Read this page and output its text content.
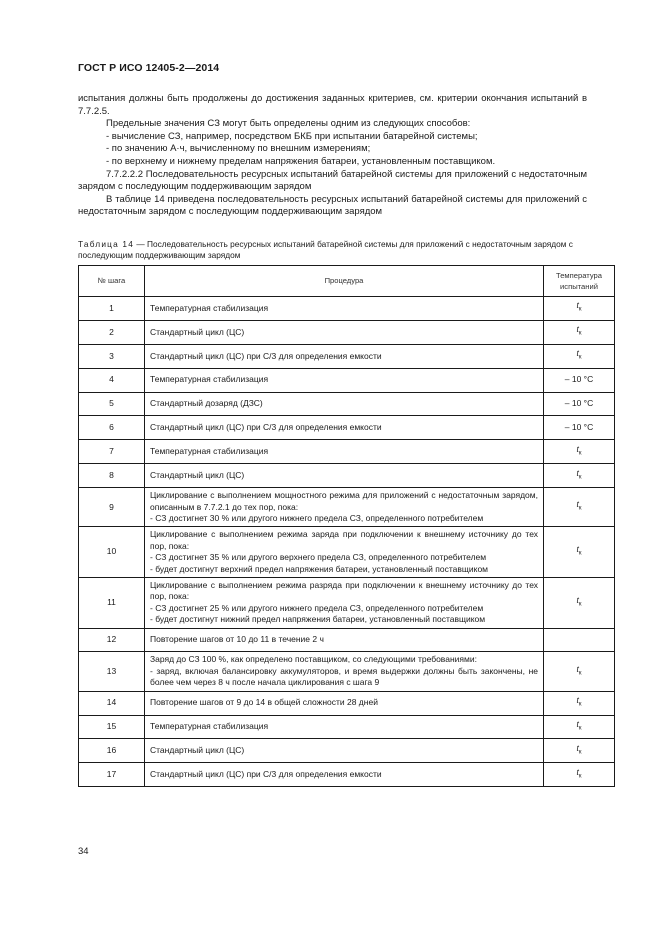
ГОСТ Р ИСО 12405-2—2014

испытания должны быть продолжены до достижения заданных критериев, см. критерии окончания испытаний в 7.7.2.5.

Предельные значения СЗ могут быть определены одним из следующих способов:

- вычисление СЗ, например, посредством БКБ при испытании батарейной системы;

- по значению А·ч, вычисленному по внешним измерениям;

- по верхнему и нижнему пределам напряжения батареи, установленным поставщиком.

7.7.2.2.2 Последовательность ресурсных испытаний батарейной системы для приложений с недостаточным зарядом с последующим поддерживающим зарядом

В таблице 14 приведена последовательность ресурсных испытаний батарейной системы для приложений с недостаточным зарядом с последующим поддерживающим зарядом

Таблица 14 — Последовательность ресурсных испытаний батарейной системы для приложений с недостаточным зарядом с последующим поддерживающим зарядом
№ шага	Процедура	Температура испытаний
1	Температурная стабилизация	$t_к$
2	Стандартный цикл (ЦС)	$t_к$
3	Стандартный цикл (ЦС) при С/3 для определения емкости	$t_к$
4	Температурная стабилизация	– 10 °С
5	Стандартный дозаряд (ДЗС)	– 10 °С
6	Стандартный цикл (ЦС) при С/3 для определения емкости	– 10 °С
7	Температурная стабилизация	$t_к$
8	Стандартный цикл (ЦС)	$t_к$
9	Циклирование с выполнением мощностного режима для приложений с недостаточным зарядом, описанным в 7.7.2.1 до тех пор, пока:

- СЗ достигнет 30 % или другого нижнего предела СЗ, определенного потребителем	$t_к$
10	Циклирование с выполнением режима заряда при подключении к внешнему источнику до тех пор, пока:

- СЗ достигнет 35 % или другого верхнего предела СЗ, определенного потребителем

- будет достигнут верхний предел напряжения батареи, установленный поставщиком	$t_к$
11	Циклирование с выполнением режима разряда при подключении к внешнему источнику до тех пор, пока:

- СЗ достигнет 25 % или другого нижнего предела СЗ, определенного потребителем

- будет достигнут нижний предел напряжения батареи, установленный поставщиком	$t_к$
12	Повторение шагов от 10 до 11 в течение 2 ч	

13	Заряд до СЗ 100 %, как определено поставщиком, со следующими требованиями:

- заряд, включая балансировку аккумуляторов, и время выдержки должны быть закончены, не более чем через 8 ч после начала циклирования с шага 9	$t_к$
14	Повторение шагов от 9 до 14 в общей сложности 28 дней	$t_к$
15	Температурная стабилизация	$t_к$
16	Стандартный цикл (ЦС)	$t_к$
17	Стандартный цикл (ЦС) при С/3 для определения емкости	$t_к$
34
